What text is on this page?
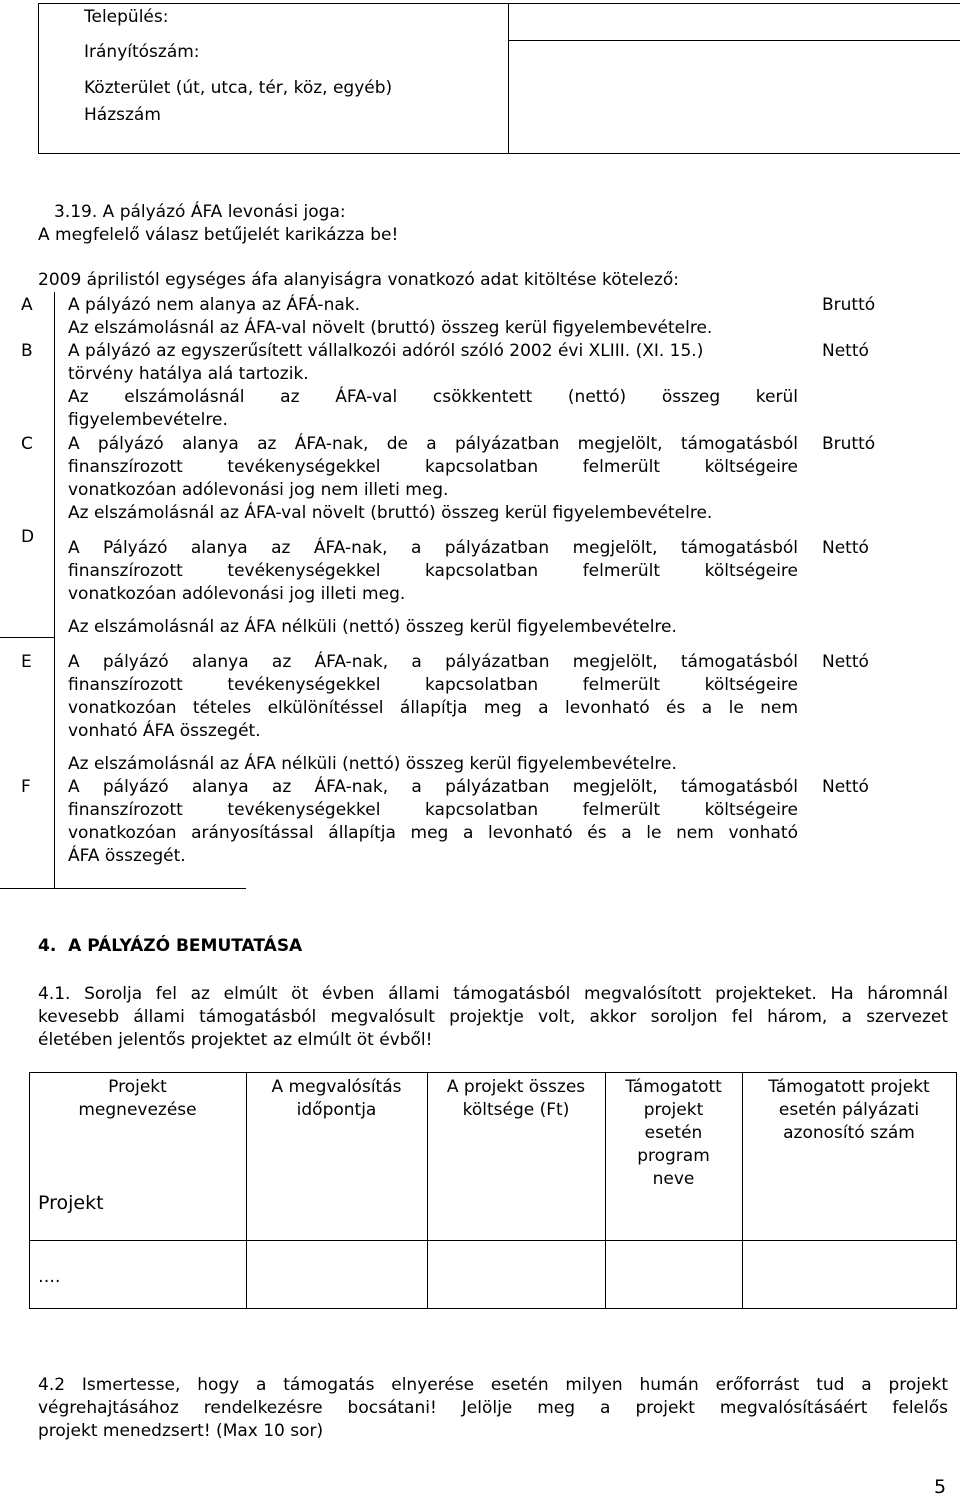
Település:
Irányítószám:
Közterület (út, utca, tér, köz, egyéb)
Házszám
3.19. A pályázó ÁFA levonási joga:
A megfelelő válasz betűjelét karikázza be!
2009 áprilistól egységes áfa alanyiságra vonatkozó adat kitöltése kötelező:
A A pályázó nem alanya az ÁFÁ-nak.
Az elszámolásnál az ÁFA-val növelt (bruttó) összeg kerül figyelembevételre.
Bruttó
B A pályázó az egyszerűsített vállalkozói adóról szóló 2002 évi XLIII. (XI. 15.)
törvény hatálya alá tartozik.
Az elszámolásnál az ÁFA-val csökkentett (nettó) összeg kerül
figyelembevételre.
Nettó
C A pályázó alanya az ÁFA-nak, de a pályázatban megjelölt, támogatásból
finanszírozott tevékenységekkel kapcsolatban felmerült költségeire
vonatkozóan adólevonási jog nem illeti meg.
Az elszámolásnál az ÁFA-val növelt (bruttó) összeg kerül figyelembevételre.
Bruttó
D
A Pályázó alanya az ÁFA-nak, a pályázatban megjelölt, támogatásból
finanszírozott tevékenységekkel kapcsolatban felmerült költségeire
vonatkozóan adólevonási jog illeti meg.
Az elszámolásnál az ÁFA nélküli (nettó) összeg kerül figyelembevételre.
Nettó
E A pályázó alanya az ÁFA-nak, a pályázatban megjelölt, támogatásból
finanszírozott tevékenységekkel kapcsolatban felmerült költségeire
vonatkozóan tételes elkülönítéssel állapítja meg a levonható és a le nem
vonható ÁFA összegét.
Az elszámolásnál az ÁFA nélküli (nettó) összeg kerül figyelembevételre.
Nettó
F A pályázó alanya az ÁFA-nak, a pályázatban megjelölt, támogatásból
finanszírozott tevékenységekkel kapcsolatban felmerült költségeire
vonatkozóan arányosítással állapítja meg a levonható és a le nem vonható
ÁFA összegét.
Nettó
4.  A PÁLYÁZÓ BEMUTATÁSA
4.1. Sorolja fel az elmúlt öt évben állami támogatásból megvalósított projekteket. Ha háromnál
kevesebb állami támogatásból megvalósult projektje volt, akkor soroljon fel három, a szervezet
életében jelentős projektet az elmúlt öt évből!
Projekt
megnevezése
A megvalósítás
időpontja
A projekt összes
költsége (Ft)
Támogatott
projekt
esetén
program
neve
Támogatott projekt
esetén pályázati
azonosító szám
Projekt
….
4.2 Ismertesse, hogy a támogatás elnyerése esetén milyen humán erőforrást tud a projekt
végrehajtásához rendelkezésre bocsátani! Jelölje meg a projekt megvalósításáért felelős
projekt menedzsert! (Max 10 sor)
5
